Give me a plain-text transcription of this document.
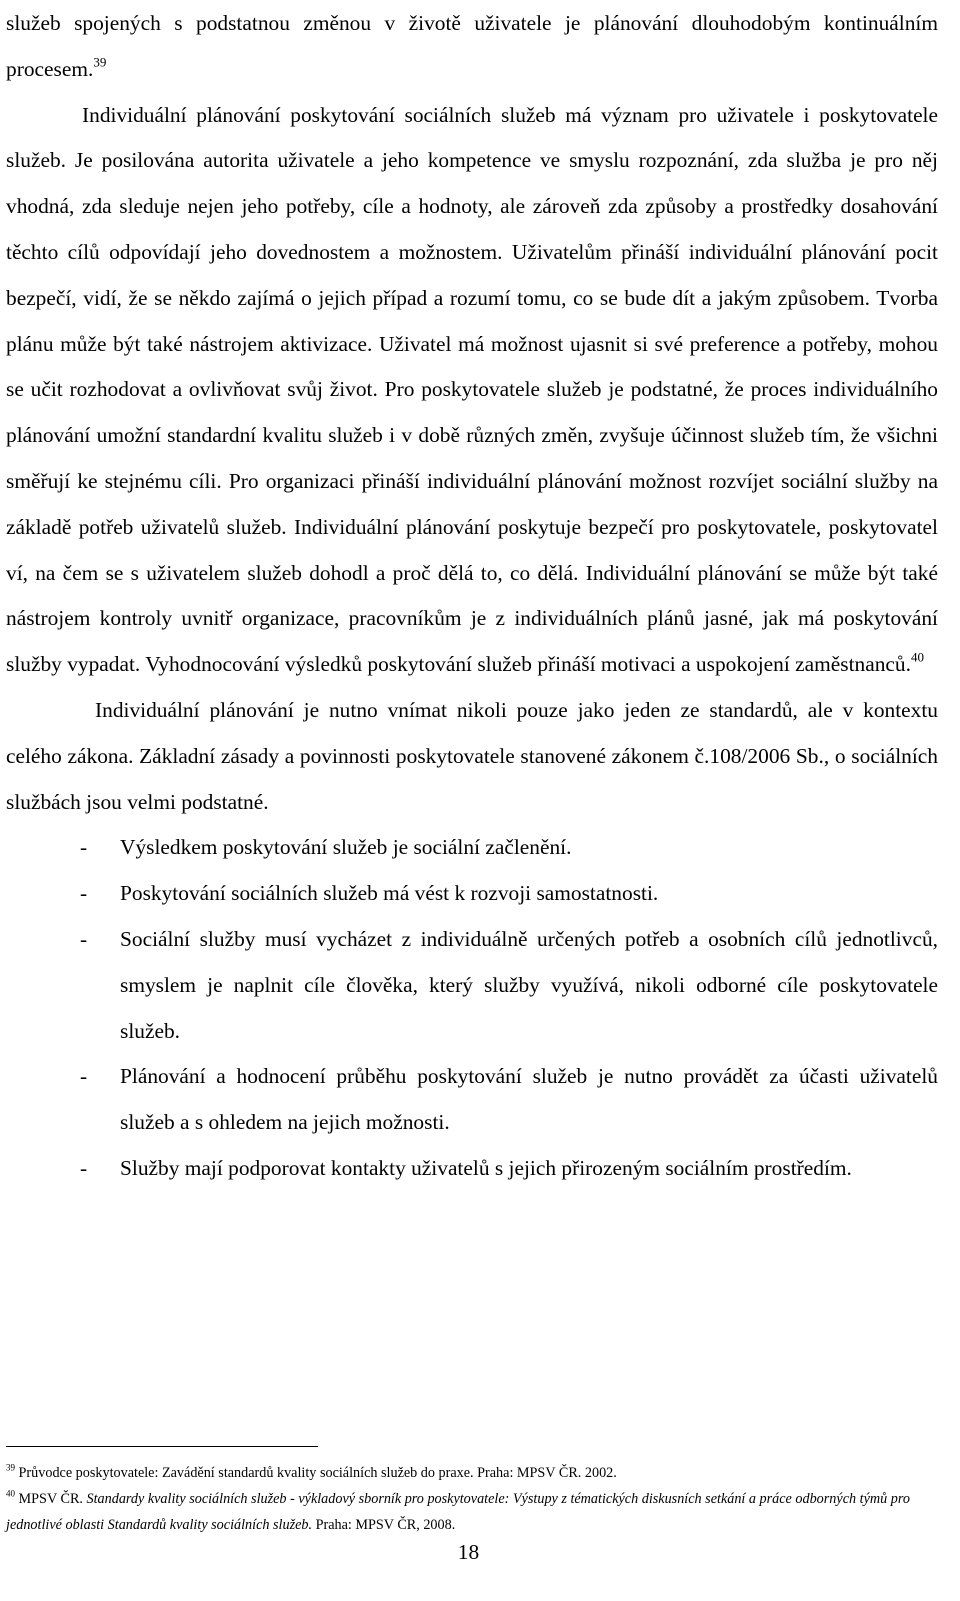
služeb spojených s podstatnou změnou v životě uživatele je plánování dlouhodobým kontinuálním procesem.$^{39}$

Individuální plánování poskytování sociálních služeb má význam pro uživatele i poskytovatele služeb. Je posilována autorita uživatele a jeho kompetence ve smyslu rozpoznání, zda služba je pro něj vhodná, zda sleduje nejen jeho potřeby, cíle a hodnoty, ale zároveň zda způsoby a prostředky dosahování těchto cílů odpovídají jeho dovednostem a možnostem. Uživatelům přináší individuální plánování pocit bezpečí, vidí, že se někdo zajímá o jejich případ a rozumí tomu, co se bude dít a jakým způsobem. Tvorba plánu může být také nástrojem aktivizace. Uživatel má možnost ujasnit si své preference a potřeby, mohou se učit rozhodovat a ovlivňovat svůj život. Pro poskytovatele služeb je podstatné, že proces individuálního plánování umožní standardní kvalitu služeb i v době různých změn, zvyšuje účinnost služeb tím, že všichni směřují ke stejnému cíli. Pro organizaci přináší individuální plánování možnost rozvíjet sociální služby na základě potřeb uživatelů služeb. Individuální plánování poskytuje bezpečí pro poskytovatele, poskytovatel ví, na čem se s uživatelem služeb dohodl a proč dělá to, co dělá. Individuální plánování se může být také nástrojem kontroly uvnitř organizace, pracovníkům je z individuálních plánů jasné, jak má poskytování služby vypadat. Vyhodnocování výsledků poskytování služeb přináší motivaci a uspokojení zaměstnanců.$^{40}$

Individuální plánování je nutno vnímat nikoli pouze jako jeden ze standardů, ale v kontextu celého zákona. Základní zásady a povinnosti poskytovatele stanovené zákonem č.108/2006 Sb., o sociálních službách jsou velmi podstatné.

- Výsledkem poskytování služeb je sociální začlenění.
- Poskytování sociálních služeb má vést k rozvoji samostatnosti.
- Sociální služby musí vycházet z individuálně určených potřeb a osobních cílů jednotlivců, smyslem je naplnit cíle člověka, který služby využívá, nikoli odborné cíle poskytovatele služeb.
- Plánování a hodnocení průběhu poskytování služeb je nutno provádět za účasti uživatelů služeb a s ohledem na jejich možnosti.
- Služby mají podporovat kontakty uživatelů s jejich přirozeným sociálním prostředím.

$^{39}$ Průvodce poskytovatele: Zavádění standardů kvality sociálních služeb do praxe. Praha: MPSV ČR. 2002.

$^{40}$ MPSV ČR. Standardy kvality sociálních služeb - výkladový sborník pro poskytovatele: Výstupy z tématických diskusních setkání a práce odborných týmů pro jednotlivé oblasti Standardů kvality sociálních služeb. Praha: MPSV ČR, 2008.

18
